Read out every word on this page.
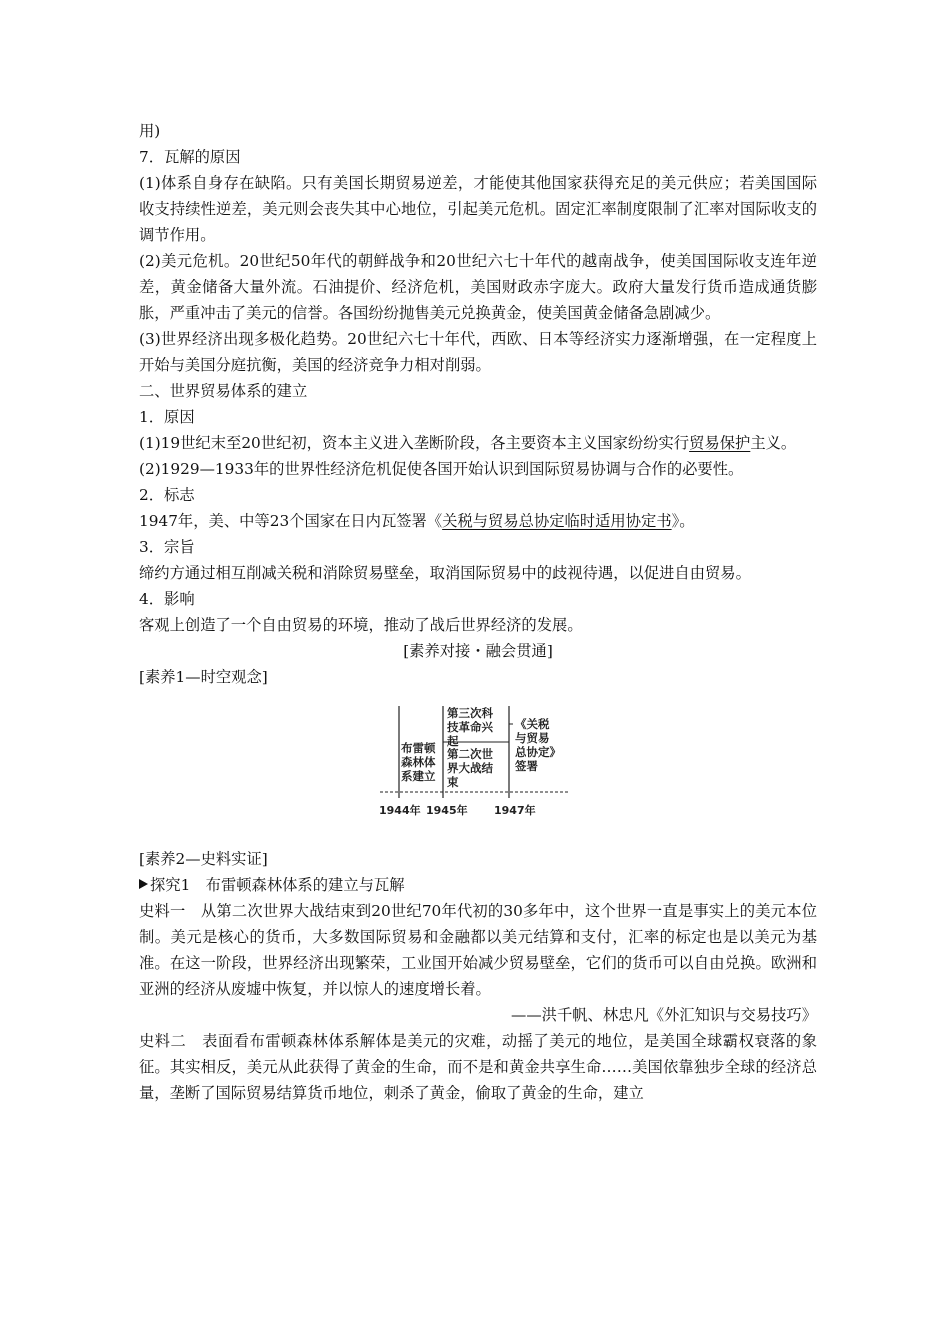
用)
7．瓦解的原因
(1)体系自身存在缺陷。只有美国长期贸易逆差，才能使其他国家获得充足的美元供应；若美国国际收支持续性逆差，美元则会丧失其中心地位，引起美元危机。固定汇率制度限制了汇率对国际收支的调节作用。
(2)美元危机。20世纪50年代的朝鲜战争和20世纪六七十年代的越南战争，使美国国际收支连年逆差，黄金储备大量外流。石油提价、经济危机，美国财政赤字庞大。政府大量发行货币造成通货膨胀，严重冲击了美元的信誉。各国纷纷抛售美元兑换黄金，使美国黄金储备急剧减少。
(3)世界经济出现多极化趋势。20世纪六七十年代，西欧、日本等经济实力逐渐增强，在一定程度上开始与美国分庭抗衡，美国的经济竞争力相对削弱。
二、世界贸易体系的建立
1．原因
(1)19世纪末至20世纪初，资本主义进入垄断阶段，各主要资本主义国家纷纷实行贸易保护主义。
(2)1929—1933年的世界性经济危机促使各国开始认识到国际贸易协调与合作的必要性。
2．标志
1947年，美、中等23个国家在日内瓦签署《关税与贸易总协定临时适用协定书》。
3．宗旨
缔约方通过相互削减关税和消除贸易壁垒，取消国际贸易中的歧视待遇，以促进自由贸易。
4．影响
客观上创造了一个自由贸易的环境，推动了战后世界经济的发展。
[素养对接・融会贯通]
[素养1—时空观念]
布雷顿
森林体
系建立
第三次科
技革命兴
起
第二次世
界大战结
束
《关税
与贸易
总协定》
签署
1944年 1945年 1947年
[素养2—史料实证]
探究1　 布雷顿森林体系的建立与瓦解
史料一　从第二次世界大战结束到20世纪70年代初的30多年中，这个世界一直是事实上的美元本位制。美元是核心的货币，大多数国际贸易和金融都以美元结算和支付，汇率的标定也是以美元为基准。在这一阶段，世界经济出现繁荣，工业国开始减少贸易壁垒，它们的货币可以自由兑换。欧洲和亚洲的经济从废墟中恢复，并以惊人的速度增长着。
——洪千帆、林忠凡《外汇知识与交易技巧》
史料二　表面看布雷顿森林体系解体是美元的灾难，动摇了美元的地位，是美国全球霸权衰落的象征。其实相反，美元从此获得了黄金的生命，而不是和黄金共享生命……美国依靠独步全球的经济总量，垄断了国际贸易结算货币地位，刺杀了黄金，偷取了黄金的生命，建立
